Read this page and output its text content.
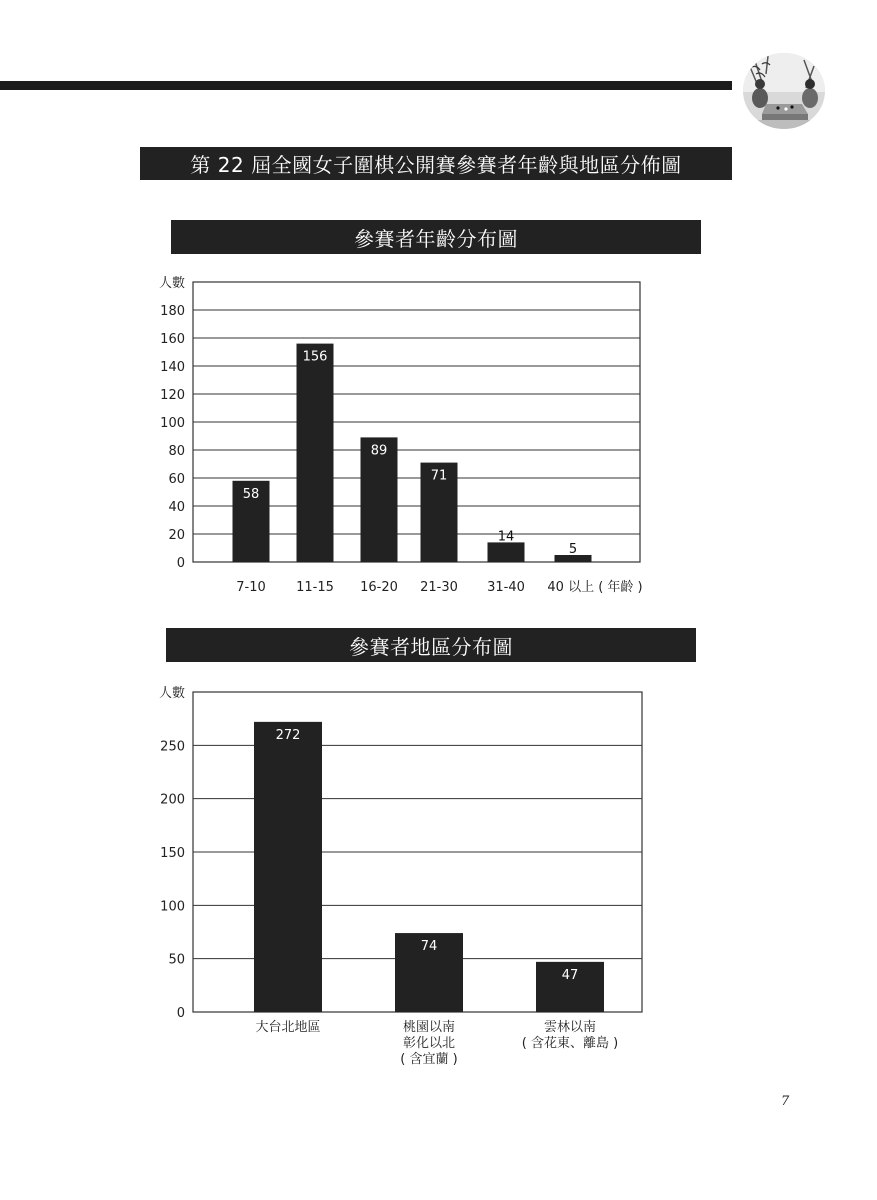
第 22 屆全國女子圍棋公開賽參賽者年齡與地區分佈圖
參賽者年齡分布圖
0
20
40
60
80
100
120
140
160
180
人數
58
7-10
156
11-15
89
16-20
71
21-30
14
31-40
5
40 以上 ( 年齡 )
參賽者地區分布圖
0
50
100
150
200
250
人數
272
大台北地區
74
桃園以南
彰化以北
( 含宜蘭 )
47
雲林以南
( 含花東、離島 )
7
